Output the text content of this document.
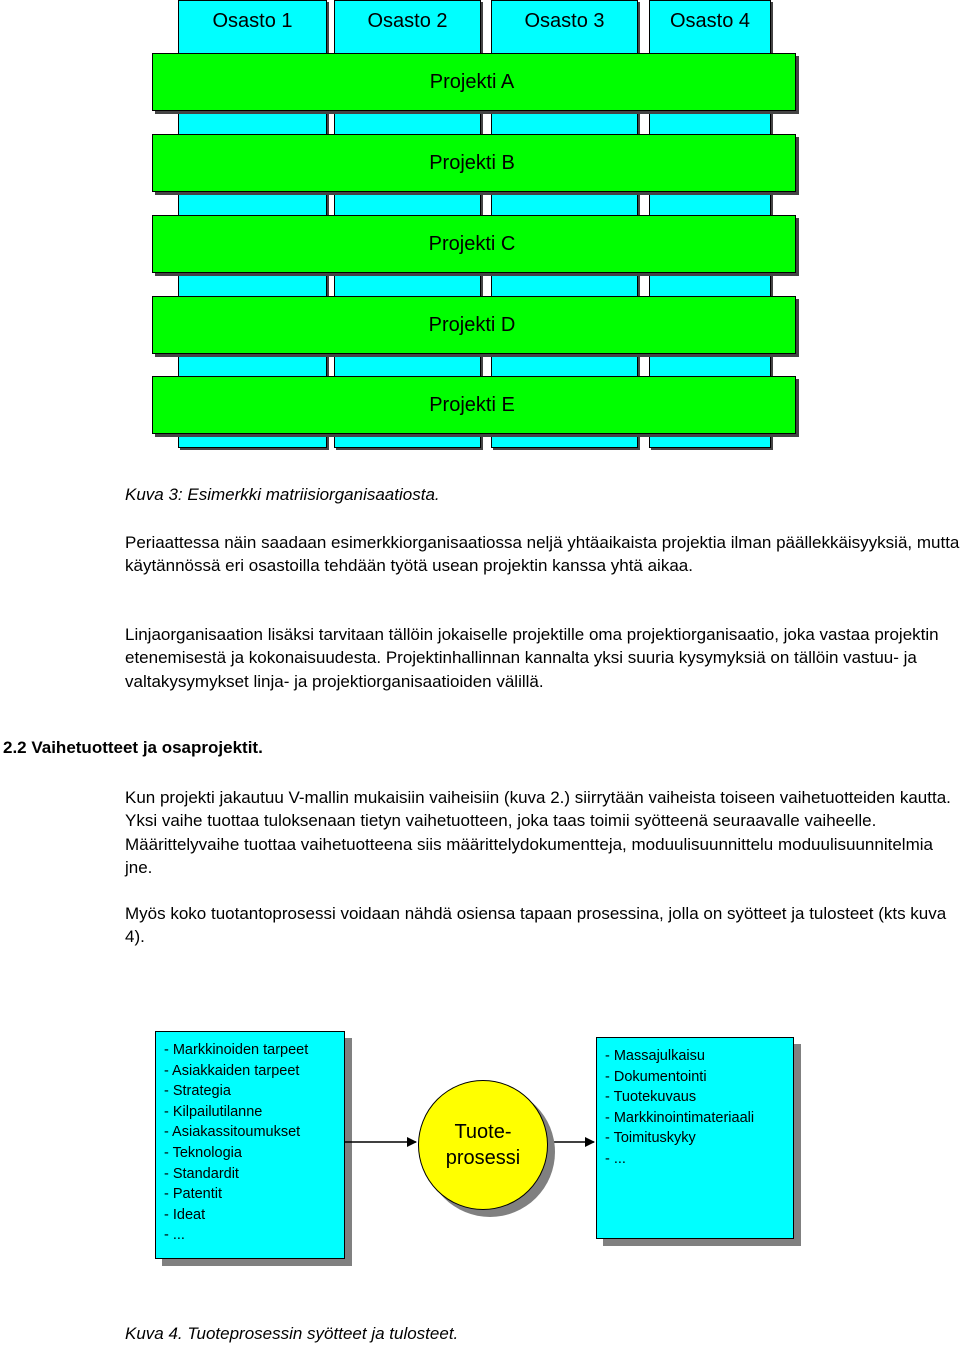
Osasto 1	Osasto 2	Osasto 3	Osasto 4
Projekti A
Projekti B
Projekti C
Projekti D
Projekti E
Kuva 3: Esimerkki matriisiorganisaatiosta.
Periaattessa näin saadaan esimerkkiorganisaatiossa neljä yhtäaikaista projektia ilman päällekkäisyyksiä, mutta käytännössä eri osastoilla tehdään työtä usean projektin kanssa yhtä aikaa.
Linjaorganisaation lisäksi tarvitaan tällöin jokaiselle projektille oma projektiorganisaatio, joka vastaa projektin etenemisestä ja kokonaisuudesta. Projektinhallinnan kannalta yksi suuria kysymyksiä on tällöin vastuu- ja valtakysymykset linja- ja projektiorganisaatioiden välillä.
2.2 Vaihetuotteet ja osaprojektit.
Kun projekti jakautuu V-mallin mukaisiin vaiheisiin (kuva 2.) siirrytään vaiheista toiseen vaihetuotteiden kautta. Yksi vaihe tuottaa tuloksenaan tietyn vaihetuotteen, joka taas toimii syötteenä seuraavalle vaiheelle. Määrittelyvaihe tuottaa vaihetuotteena siis määrittelydokumentteja, moduulisuunnittelu moduulisuunnitelmia jne.
Myös koko tuotantoprosessi voidaan nähdä osiensa tapaan prosessina, jolla on syötteet ja tulosteet (kts kuva 4).
- Markkinoiden tarpeet
- Asiakkaiden tarpeet
- Strategia
- Kilpailutilanne
- Asiakassitoumukset
- Teknologia
- Standardit
- Patentit
- Ideat
- ...
Tuote-
prosessi
- Massajulkaisu
- Dokumentointi
- Tuotekuvaus
- Markkinointimateriaali
- Toimituskyky
- ...
Kuva 4. Tuoteprosessin syötteet ja tulosteet.
